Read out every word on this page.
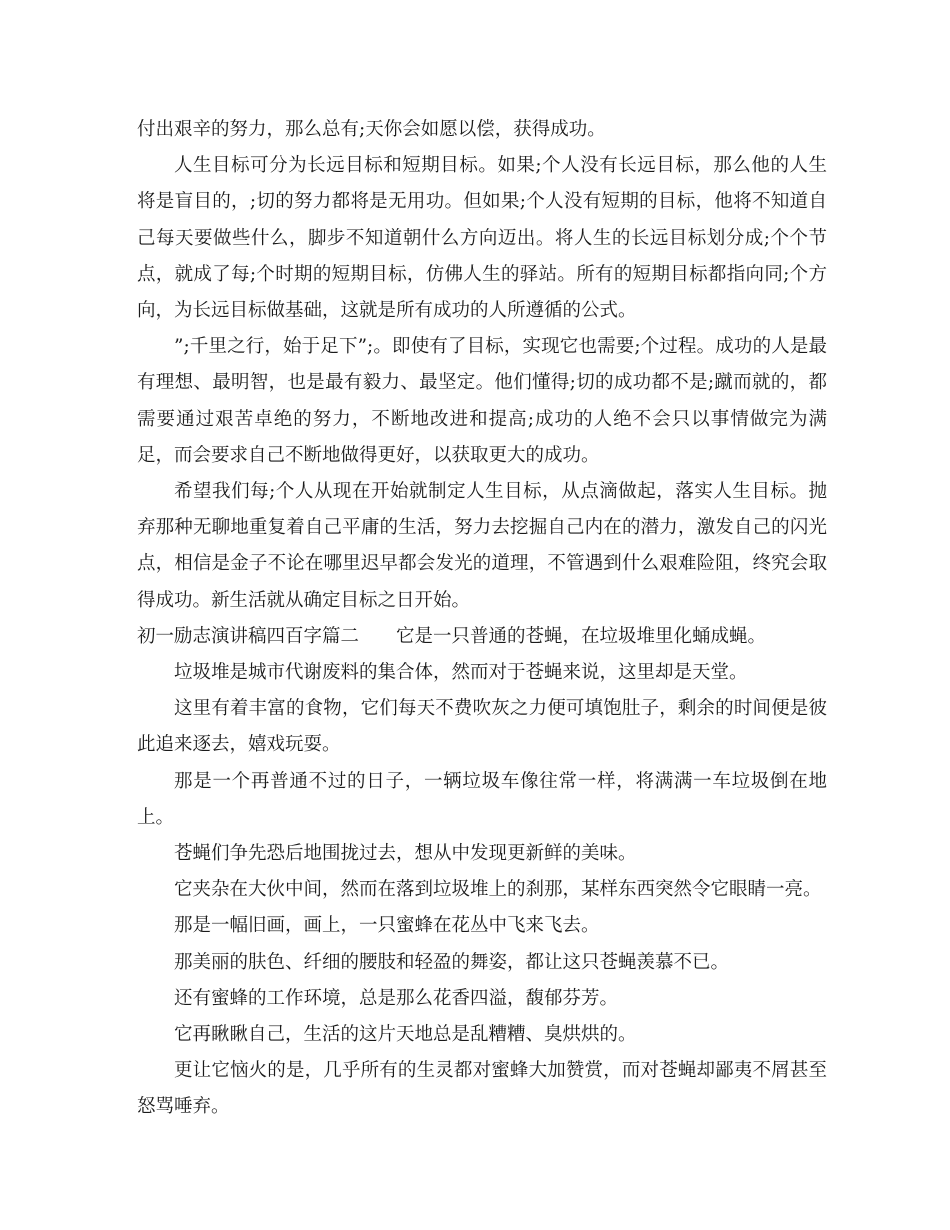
付出艰辛的努力，那么总有;天你会如愿以偿，获得成功。

人生目标可分为长远目标和短期目标。如果;个人没有长远目标，那么他的人生将是盲目的，;切的努力都将是无用功。但如果;个人没有短期的目标，他将不知道自己每天要做些什么，脚步不知道朝什么方向迈出。将人生的长远目标划分成;个个节点，就成了每;个时期的短期目标，仿佛人生的驿站。所有的短期目标都指向同;个方向，为长远目标做基础，这就是所有成功的人所遵循的公式。

”;千里之行，始于足下”;。即使有了目标，实现它也需要;个过程。成功的人是最有理想、最明智，也是最有毅力、最坚定。他们懂得;切的成功都不是;蹴而就的，都需要通过艰苦卓绝的努力，不断地改进和提高;成功的人绝不会只以事情做完为满足，而会要求自己不断地做得更好，以获取更大的成功。

希望我们每;个人从现在开始就制定人生目标，从点滴做起，落实人生目标。抛弃那种无聊地重复着自己平庸的生活，努力去挖掘自己内在的潜力，激发自己的闪光点，相信是金子不论在哪里迟早都会发光的道理，不管遇到什么艰难险阻，终究会取得成功。新生活就从确定目标之日开始。

初一励志演讲稿四百字篇二 它是一只普通的苍蝇，在垃圾堆里化蛹成蝇。

垃圾堆是城市代谢废料的集合体，然而对于苍蝇来说，这里却是天堂。

这里有着丰富的食物，它们每天不费吹灰之力便可填饱肚子，剩余的时间便是彼此追来逐去，嬉戏玩耍。

那是一个再普通不过的日子，一辆垃圾车像往常一样，将满满一车垃圾倒在地上。

苍蝇们争先恐后地围拢过去，想从中发现更新鲜的美味。

它夹杂在大伙中间，然而在落到垃圾堆上的刹那，某样东西突然令它眼睛一亮。

那是一幅旧画，画上，一只蜜蜂在花丛中飞来飞去。

那美丽的肤色、纤细的腰肢和轻盈的舞姿，都让这只苍蝇羡慕不已。

还有蜜蜂的工作环境，总是那么花香四溢，馥郁芬芳。

它再瞅瞅自己，生活的这片天地总是乱糟糟、臭烘烘的。

更让它恼火的是，几乎所有的生灵都对蜜蜂大加赞赏，而对苍蝇却鄙夷不屑甚至怒骂唾弃。
